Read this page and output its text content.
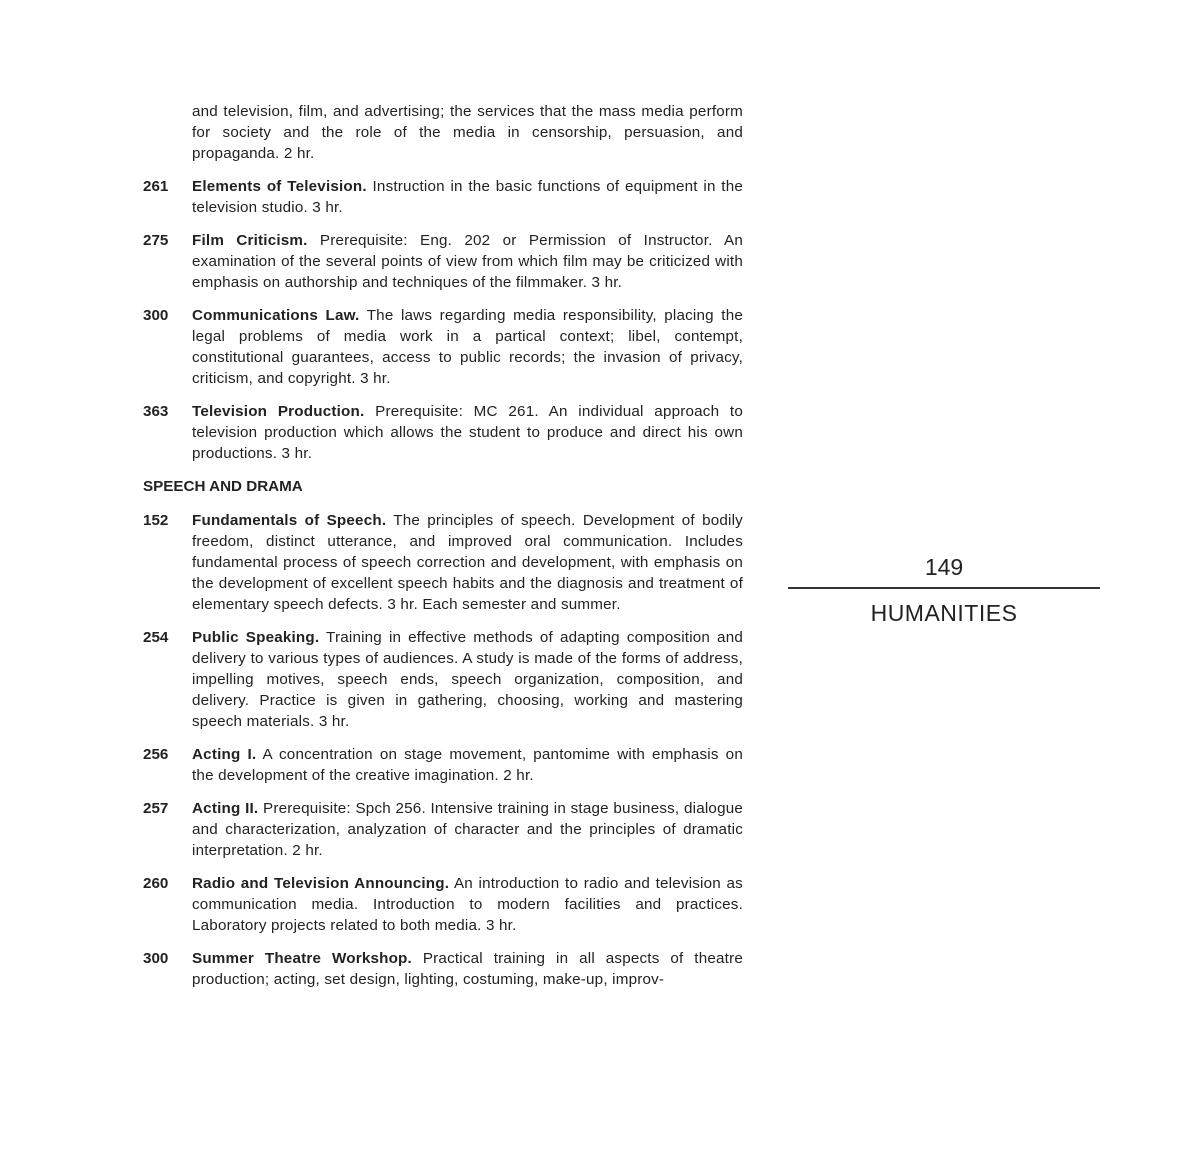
and television, film, and advertising; the services that the mass media perform for society and the role of the media in censorship, persuasion, and propaganda. 2 hr.
261	Elements of Television. Instruction in the basic functions of equipment in the television studio. 3 hr.
275	Film Criticism. Prerequisite: Eng. 202 or Permission of Instructor. An examination of the several points of view from which film may be criticized with emphasis on authorship and techniques of the filmmaker. 3 hr.
300	Communications Law. The laws regarding media responsibility, placing the legal problems of media work in a partical context; libel, contempt, constitutional guarantees, access to public records; the invasion of privacy, criticism, and copyright. 3 hr.
363	Television Production. Prerequisite: MC 261. An individual approach to television production which allows the student to produce and direct his own productions. 3 hr.
SPEECH AND DRAMA
152	Fundamentals of Speech. The principles of speech. Development of bodily freedom, distinct utterance, and improved oral communication. Includes fundamental process of speech correction and development, with emphasis on the development of excellent speech habits and the diagnosis and treatment of elementary speech defects. 3 hr. Each semester and summer.
254	Public Speaking. Training in effective methods of adapting composition and delivery to various types of audiences. A study is made of the forms of address, impelling motives, speech ends, speech organization, composition, and delivery. Practice is given in gathering, choosing, working and mastering speech materials. 3 hr.
256	Acting I. A concentration on stage movement, pantomime with emphasis on the development of the creative imagination. 2 hr.
257	Acting II. Prerequisite: Spch 256. Intensive training in stage business, dialogue and characterization, analyzation of character and the principles of dramatic interpretation. 2 hr.
260	Radio and Television Announcing. An introduction to radio and television as communication media. Introduction to modern facilities and practices. Laboratory projects related to both media. 3 hr.
300	Summer Theatre Workshop. Practical training in all aspects of theatre production; acting, set design, lighting, costuming, make-up, improv-
149
HUMANITIES
